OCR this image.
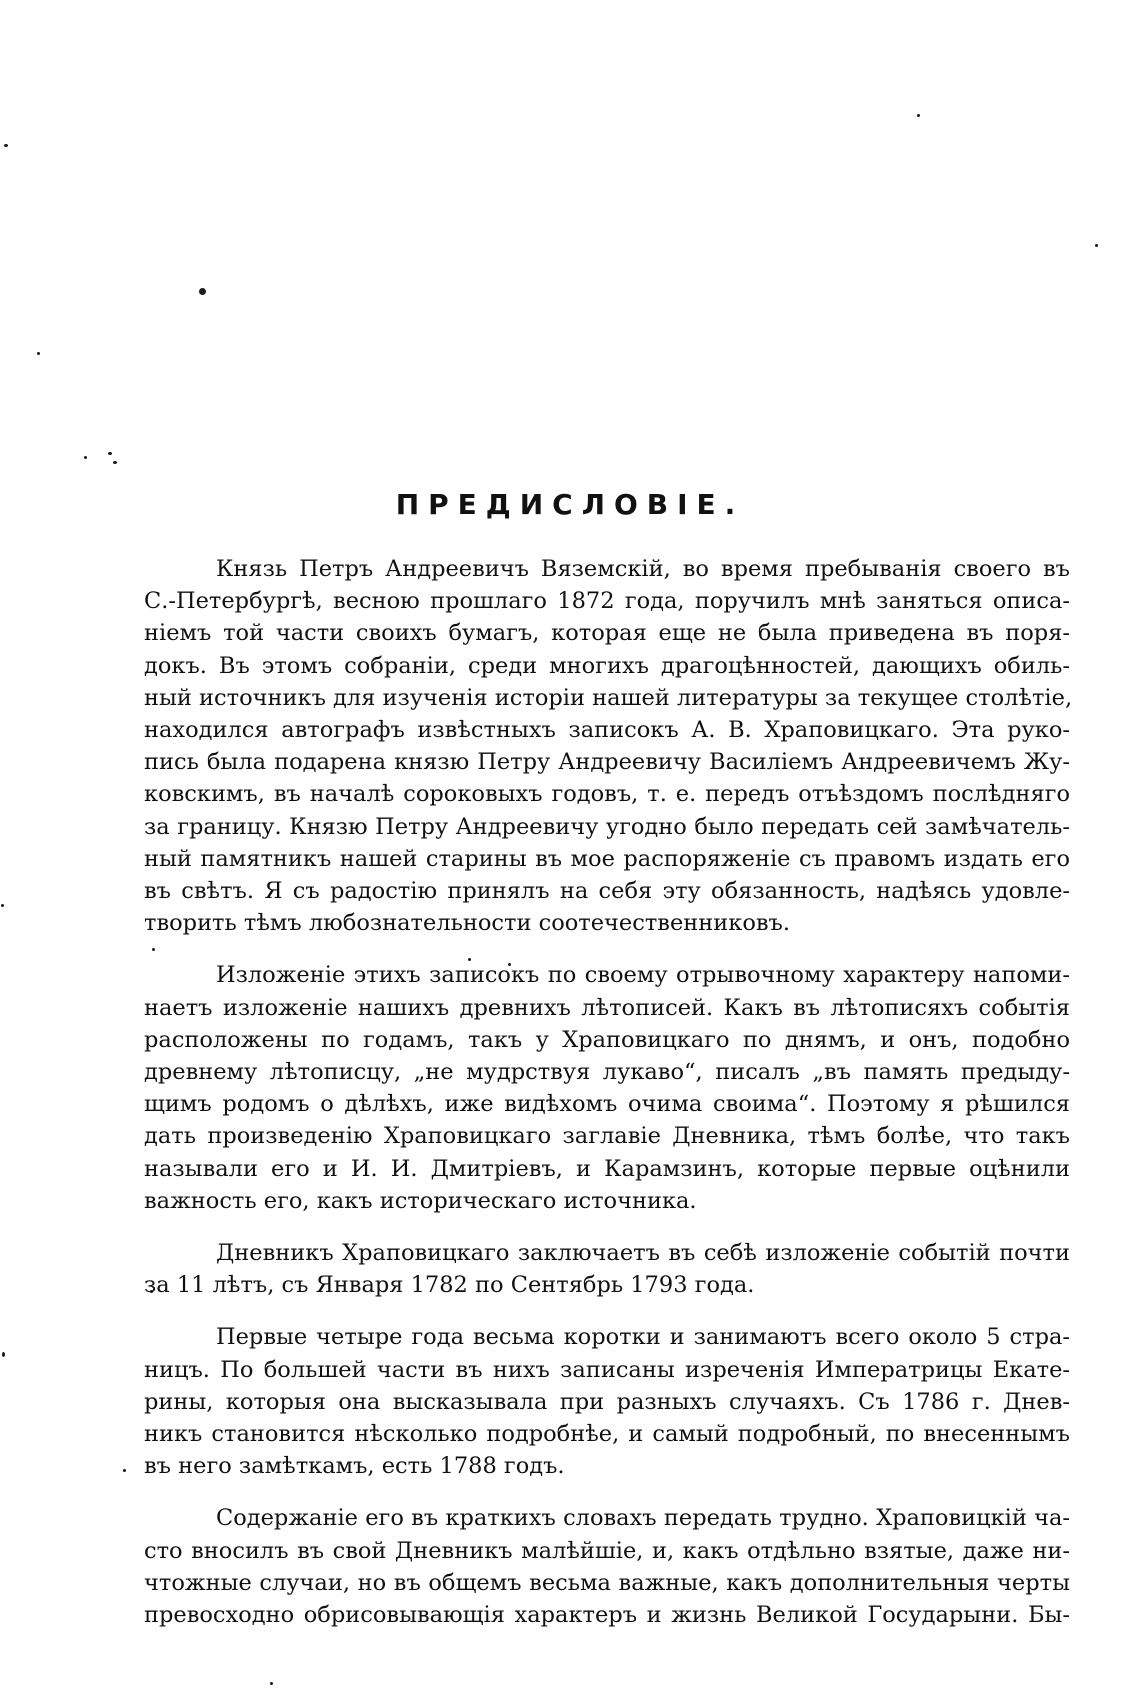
ПРЕДИСЛОВІЕ.
Князь Петръ Андреевичъ Вяземскій, во время пребыванія своего въ
С.-Петербургѣ, весною прошлаго 1872 года, поручилъ мнѣ заняться описа-
ніемъ той части своихъ бумагъ, которая еще не была приведена въ поря-
докъ. Въ этомъ собраніи, среди многихъ драгоцѣнностей, дающихъ обиль-
ный источникъ для изученія исторіи нашей литературы за текущее столѣтіе,
находился автографъ извѣстныхъ записокъ А. В. Храповицкаго. Эта руко-
пись была подарена князю Петру Андреевичу Василіемъ Андреевичемъ Жу-
ковскимъ, въ началѣ сороковыхъ годовъ, т. е. передъ отъѣздомъ послѣдняго
за границу. Князю Петру Андреевичу угодно было передать сей замѣчатель-
ный памятникъ нашей старины въ мое распоряженіе съ правомъ издать его
въ свѣтъ. Я съ радостію принялъ на себя эту обязанность, надѣясь удовле-
творить тѣмъ любознательности соотечественниковъ.
Изложеніе этихъ записокъ по своему отрывочному характеру напоми-
наетъ изложеніе нашихъ древнихъ лѣтописей. Какъ въ лѣтописяхъ событія
расположены по годамъ, такъ у Храповицкаго по днямъ, и онъ, подобно
древнему лѣтописцу, „не мудрствуя лукаво“, писалъ „въ память предыду-
щимъ родомъ о дѣлѣхъ, иже видѣхомъ очима своима“. Поэтому я рѣшился
дать произведенію Храповицкаго заглавіе Дневника, тѣмъ болѣе, что такъ
называли его и И. И. Дмитріевъ, и Карамзинъ, которые первые оцѣнили
важность его, какъ историческаго источника.
Дневникъ Храповицкаго заключаетъ въ себѣ изложеніе событій почти
за 11 лѣтъ, съ Января 1782 по Сентябрь 1793 года.
Первые четыре года весьма коротки и занимаютъ всего около 5 стра-
ницъ. По большей части въ нихъ записаны изреченія Императрицы Екате-
рины, которыя она высказывала при разныхъ случаяхъ. Съ 1786 г. Днев-
никъ становится нѣсколько подробнѣе, и самый подробный, по внесеннымъ
въ него замѣткамъ, есть 1788 годъ.
Содержаніе его въ краткихъ словахъ передать трудно. Храповицкій ча-
сто вносилъ въ свой Дневникъ малѣйшіе, и, какъ отдѣльно взятые, даже ни-
чтожные случаи, но въ общемъ весьма важные, какъ дополнительныя черты
превосходно обрисовывающія характеръ и жизнь Великой Государыни. Бы-
